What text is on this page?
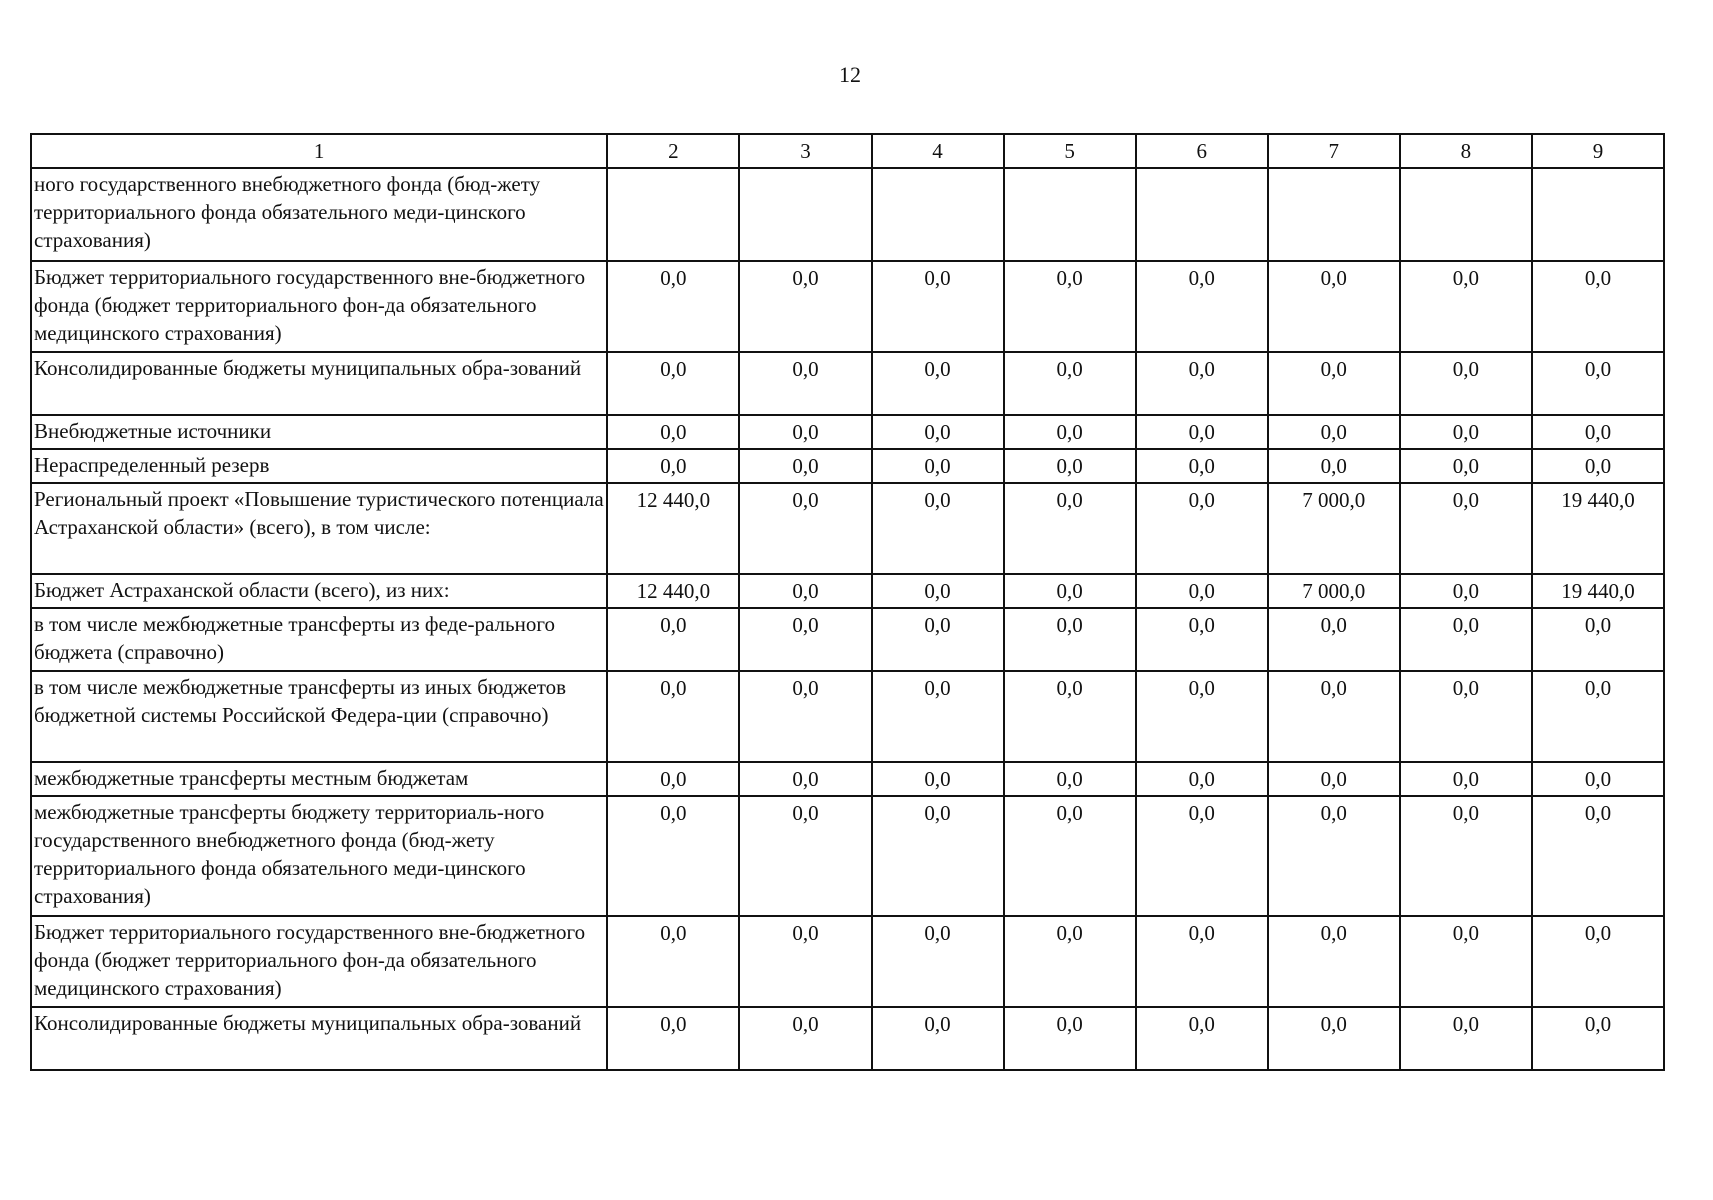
12
1	2	3	4	5	6	7	8	9
ного государственного внебюджетного фонда (бюд-жету территориального фонда обязательного меди-цинского страхования)								
Бюджет территориального государственного вне-бюджетного фонда (бюджет территориального фон-да обязательного медицинского страхования)	0,0	0,0	0,0	0,0	0,0	0,0	0,0	0,0
Консолидированные бюджеты муниципальных обра-зований	0,0	0,0	0,0	0,0	0,0	0,0	0,0	0,0
Внебюджетные источники	0,0	0,0	0,0	0,0	0,0	0,0	0,0	0,0
Нераспределенный резерв	0,0	0,0	0,0	0,0	0,0	0,0	0,0	0,0
Региональный проект «Повышение туристического потенциала Астраханской области» (всего), в том числе:	12 440,0	0,0	0,0	0,0	0,0	7 000,0	0,0	19 440,0
Бюджет Астраханской области (всего), из них:	12 440,0	0,0	0,0	0,0	0,0	7 000,0	0,0	19 440,0
в том числе межбюджетные трансферты из феде-рального бюджета (справочно)	0,0	0,0	0,0	0,0	0,0	0,0	0,0	0,0
в том числе межбюджетные трансферты из иных бюджетов бюджетной системы Российской Федера-ции (справочно)	0,0	0,0	0,0	0,0	0,0	0,0	0,0	0,0
межбюджетные трансферты местным бюджетам	0,0	0,0	0,0	0,0	0,0	0,0	0,0	0,0
межбюджетные трансферты бюджету территориаль-ного государственного внебюджетного фонда (бюд-жету территориального фонда обязательного меди-цинского страхования)	0,0	0,0	0,0	0,0	0,0	0,0	0,0	0,0
Бюджет территориального государственного вне-бюджетного фонда (бюджет территориального фон-да обязательного медицинского страхования)	0,0	0,0	0,0	0,0	0,0	0,0	0,0	0,0
Консолидированные бюджеты муниципальных обра-зований	0,0	0,0	0,0	0,0	0,0	0,0	0,0	0,0
